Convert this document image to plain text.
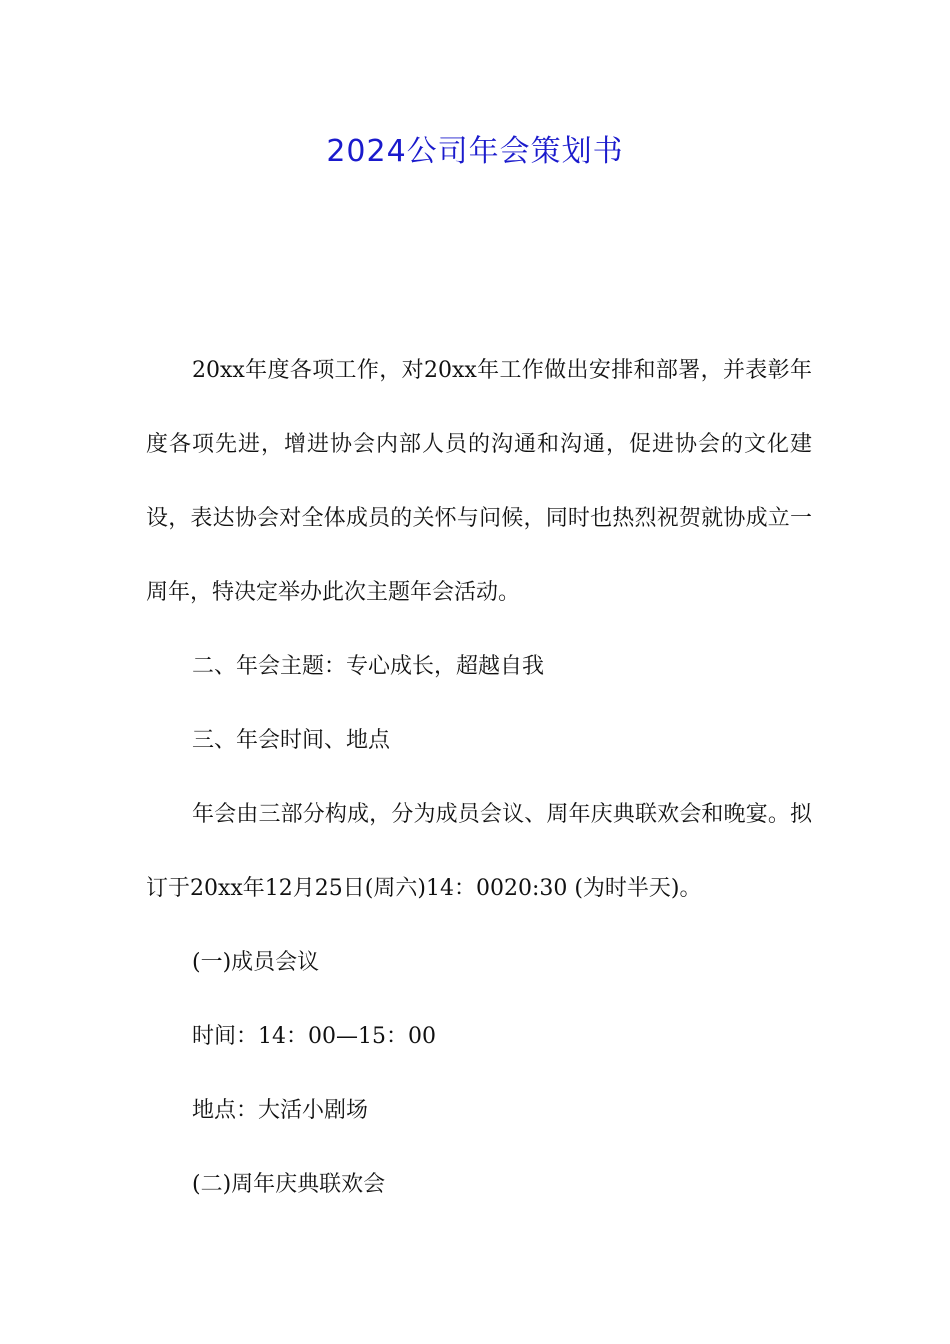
2024公司年会策划书

20xx年度各项工作，对20xx年工作做出安排和部署，并表彰年度各项先进，增进协会内部人员的沟通和沟通，促进协会的文化建设，表达协会对全体成员的关怀与问候，同时也热烈祝贺就协成立一周年，特决定举办此次主题年会活动。

二、年会主题：专心成长，超越自我

三、年会时间、地点

年会由三部分构成，分为成员会议、周年庆典联欢会和晚宴。拟订于20xx年12月25日(周六)14：0020:30 (为时半天)。

(一)成员会议

时间：14：00—15：00

地点：大活小剧场

(二)周年庆典联欢会
